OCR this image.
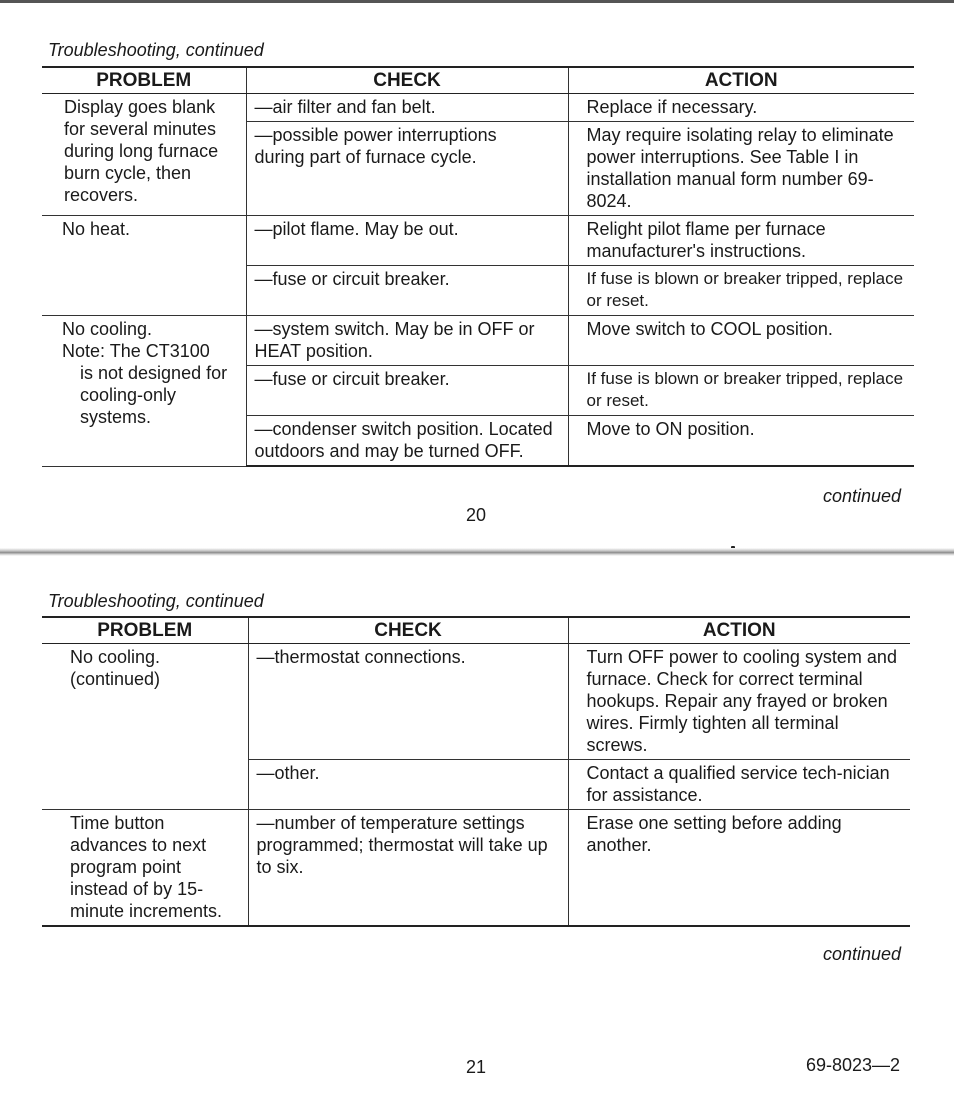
Troubleshooting, continued
PROBLEM	CHECK	ACTION
Display goes blank for several minutes during long furnace burn cycle, then recovers.	—air filter and fan belt.	Replace if necessary.
	—possible power interruptions during part of furnace cycle.	May require isolating relay to eliminate power interruptions. See Table I in installation manual form number 69-8024.
No heat.	—pilot flame. May be out.	Relight pilot flame per furnace manufacturer's instructions.
	—fuse or circuit breaker.	If fuse is blown or breaker tripped, replace or reset.

No cooling.
Note: The CT3100
is not designed for cooling-only systems.	—system switch. May be in OFF or HEAT position.	Move switch to COOL position.
	—fuse or circuit breaker.	If fuse is blown or breaker tripped, replace or reset.
	—condenser switch position. Located outdoors and may be turned OFF.	Move to ON position.
continued
20
Troubleshooting, continued
PROBLEM	CHECK	ACTION
No cooling. (continued)	—thermostat connections.	Turn OFF power to cooling system and furnace. Check for correct terminal hookups. Repair any frayed or broken wires. Firmly tighten all terminal screws.
	—other.	Contact a qualified service tech-nician for assistance.
Time button advances to next program point instead of by 15-minute increments.	—number of temperature settings programmed; thermostat will take up to six.	Erase one setting before adding another.
continued
21	69-8023—2
